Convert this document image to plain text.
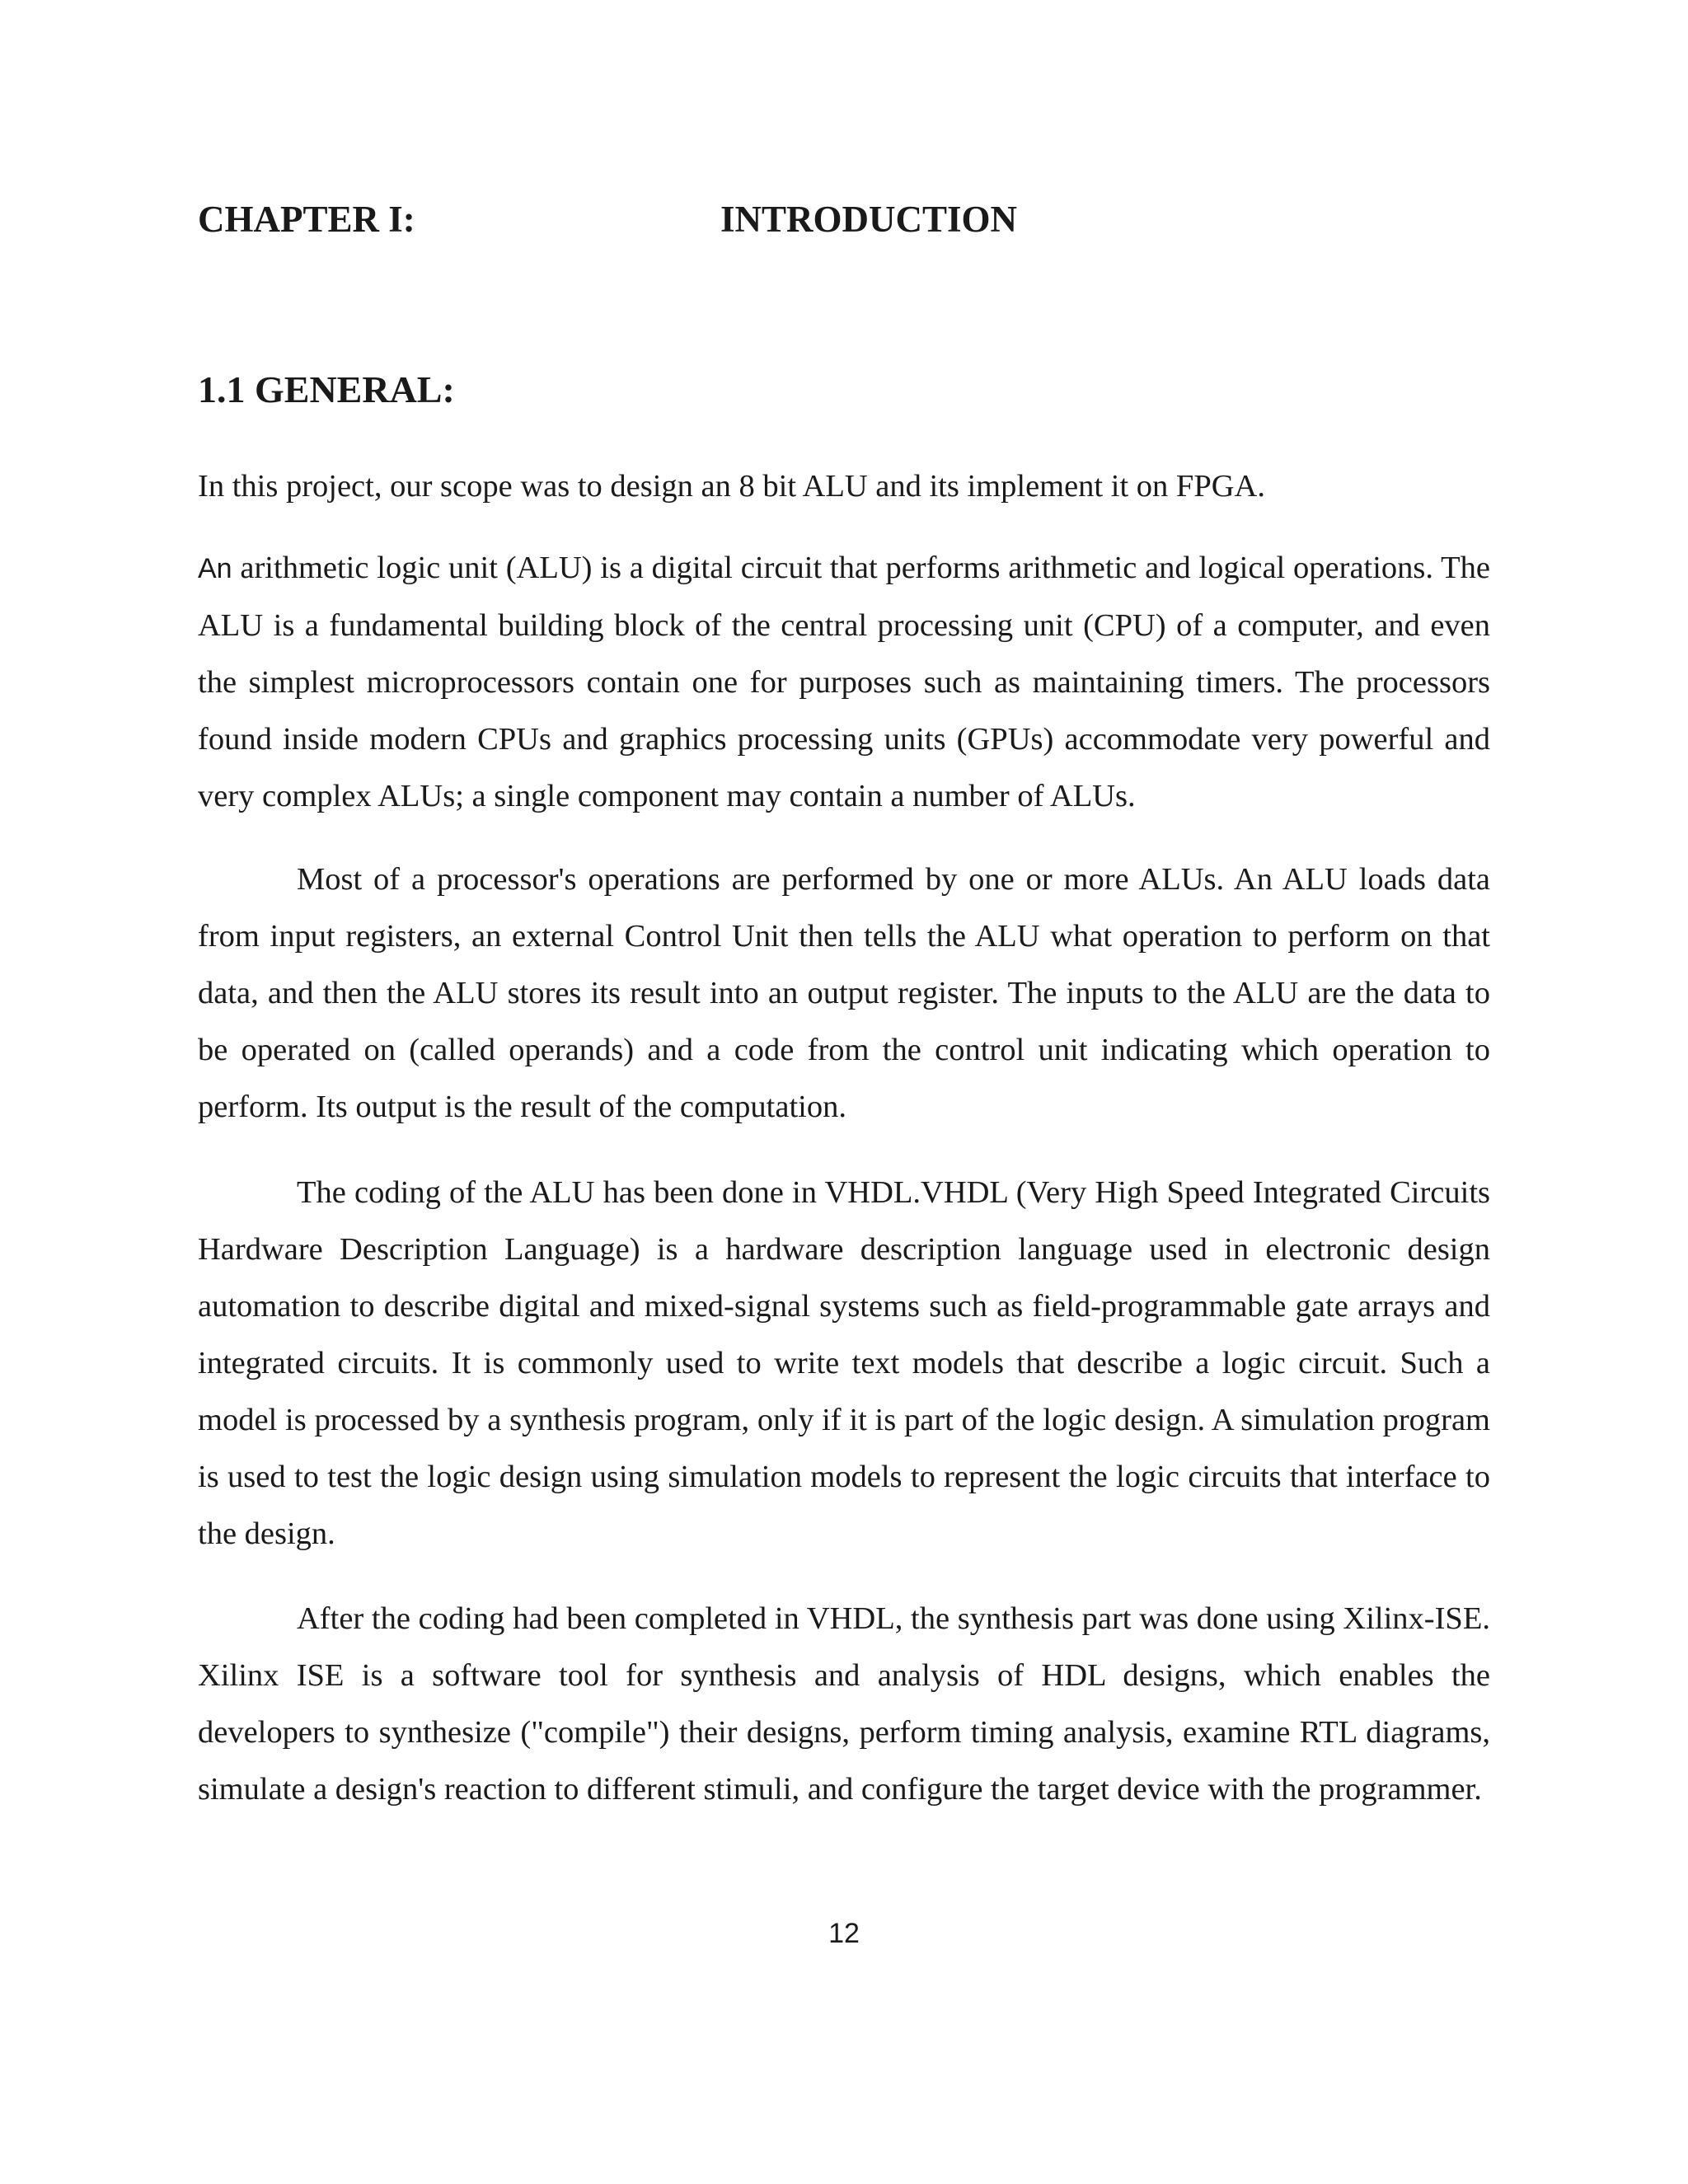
CHAPTER I:	INTRODUCTION
1.1 GENERAL:

In this project, our scope was to design an 8 bit ALU and its implement it on FPGA.

An arithmetic logic unit (ALU) is a digital circuit that performs arithmetic and logical operations. The ALU is a fundamental building block of the central processing unit (CPU) of a computer, and even the simplest microprocessors contain one for purposes such as maintaining timers. The processors found inside modern CPUs and graphics processing units (GPUs) accommodate very powerful and very complex ALUs; a single component may contain a number of ALUs.

Most of a processor's operations are performed by one or more ALUs. An ALU loads data from input registers, an external Control Unit then tells the ALU what operation to perform on that data, and then the ALU stores its result into an output register. The inputs to the ALU are the data to be operated on (called operands) and a code from the control unit indicating which operation to perform. Its output is the result of the computation.

The coding of the ALU has been done in VHDL.VHDL (Very High Speed Integrated Circuits Hardware Description Language) is a hardware description language used in electronic design automation to describe digital and mixed-signal systems such as field-programmable gate arrays and integrated circuits. It is commonly used to write text models that describe a logic circuit. Such a model is processed by a synthesis program, only if it is part of the logic design. A simulation program is used to test the logic design using simulation models to represent the logic circuits that interface to the design.

After the coding had been completed in VHDL, the synthesis part was done using Xilinx-ISE. Xilinx ISE is a software tool for synthesis and analysis of HDL designs, which enables the developers to synthesize ("compile") their designs, perform timing analysis, examine RTL diagrams, simulate a design's reaction to different stimuli, and configure the target device with the programmer.

12
